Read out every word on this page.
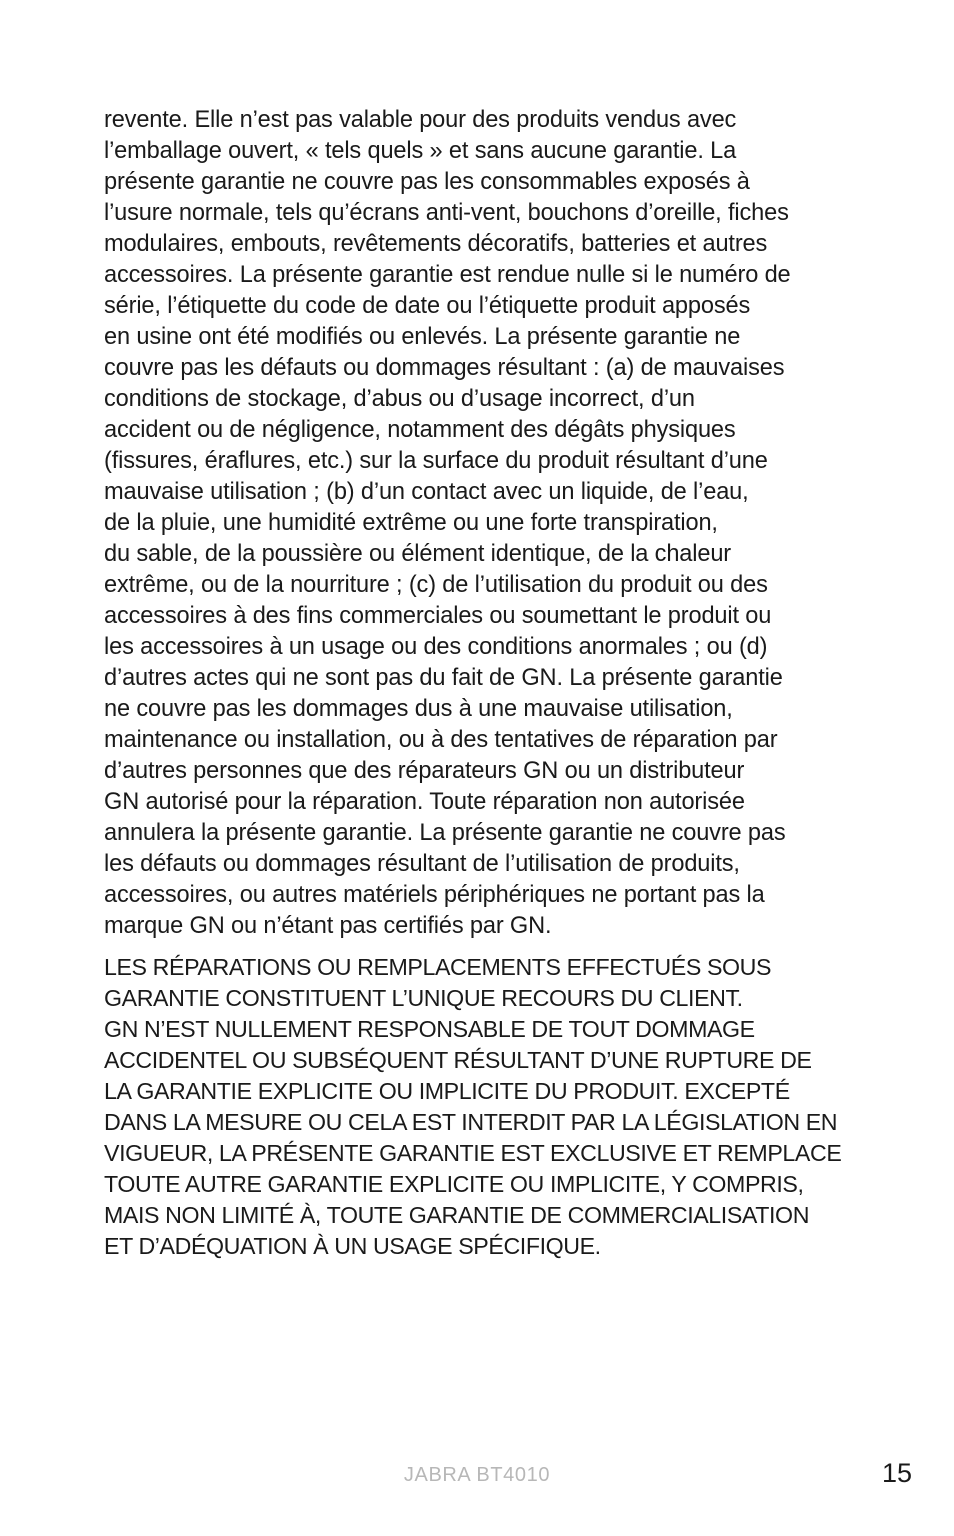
revente. Elle n’est pas valable pour des produits vendus avec
l’emballage ouvert, « tels quels » et sans aucune garantie. La
présente garantie ne couvre pas les consommables exposés à
l’usure normale, tels qu’écrans anti-vent, bouchons d’oreille, fiches
modulaires, embouts, revêtements décoratifs, batteries et autres
accessoires. La présente garantie est rendue nulle si le numéro de
série, l’étiquette du code de date ou l’étiquette produit apposés
en usine ont été modifiés ou enlevés. La présente garantie ne
couvre pas les défauts ou dommages résultant : (a) de mauvaises
conditions de stockage, d’abus ou d’usage incorrect, d’un
accident ou de négligence, notamment des dégâts physiques
(fissures, éraflures, etc.) sur la surface du produit résultant d’une
mauvaise utilisation ; (b) d’un contact avec un liquide, de l’eau,
de la pluie, une humidité extrême ou une forte transpiration,
du sable, de la poussière ou élément identique, de la chaleur
extrême, ou de la nourriture ; (c) de l’utilisation du produit ou des
accessoires à des fins commerciales ou soumettant le produit ou
les accessoires à un usage ou des conditions anormales ; ou (d)
d’autres actes qui ne sont pas du fait de GN. La présente garantie
ne couvre pas les dommages dus à une mauvaise utilisation,
maintenance ou installation, ou à des tentatives de réparation par
d’autres personnes que des réparateurs GN ou un distributeur
GN autorisé pour la réparation. Toute réparation non autorisée
annulera la présente garantie. La présente garantie ne couvre pas
les défauts ou dommages résultant de l’utilisation de produits,
accessoires, ou autres matériels périphériques ne portant pas la
marque GN ou n’étant pas certifiés par GN.
LES RÉPARATIONS OU REMPLACEMENTS EFFECTUÉS SOUS
GARANTIE CONSTITUENT L’UNIQUE RECOURS DU CLIENT.
GN N’EST NULLEMENT RESPONSABLE DE TOUT DOMMAGE
ACCIDENTEL OU SUBSÉQUENT RÉSULTANT D’UNE RUPTURE DE
LA GARANTIE EXPLICITE OU IMPLICITE DU PRODUIT. EXCEPTÉ
DANS LA MESURE OU CELA EST INTERDIT PAR LA LÉGISLATION EN
VIGUEUR, LA PRÉSENTE GARANTIE EST EXCLUSIVE ET REMPLACE
TOUTE AUTRE GARANTIE EXPLICITE OU IMPLICITE, Y COMPRIS,
MAIS NON LIMITÉ À, TOUTE GARANTIE DE COMMERCIALISATION
ET D’ADÉQUATION À UN USAGE SPÉCIFIQUE.
JABRA BT4010	15
